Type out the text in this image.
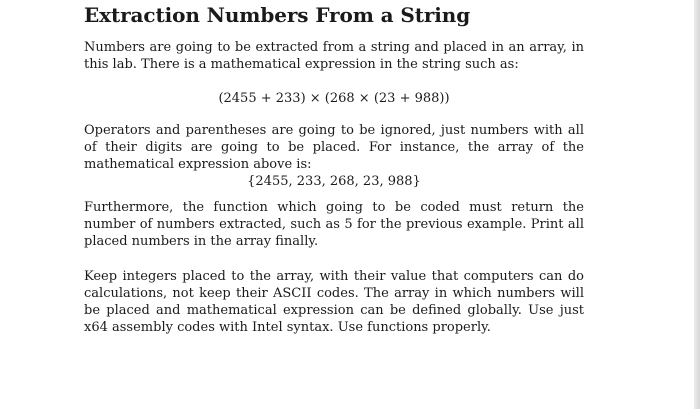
Extraction Numbers From a String

Numbers are going to be extracted from a string and placed in an array, in this lab. There is a mathematical expression in the string such as:

(2455 + 233) × (268 × (23 + 988))

Operators and parentheses are going to be ignored, just numbers with all of their digits are going to be placed. For instance, the array of the mathematical expression above is:

{2455, 233, 268, 23, 988}

Furthermore, the function which going to be coded must return the number of numbers extracted, such as 5 for the previous example. Print all placed numbers in the array finally.

Keep integers placed to the array, with their value that computers can do calculations, not keep their ASCII codes. The array in which numbers will be placed and mathematical expression can be defined globally. Use just x64 assembly codes with Intel syntax. Use functions properly.
